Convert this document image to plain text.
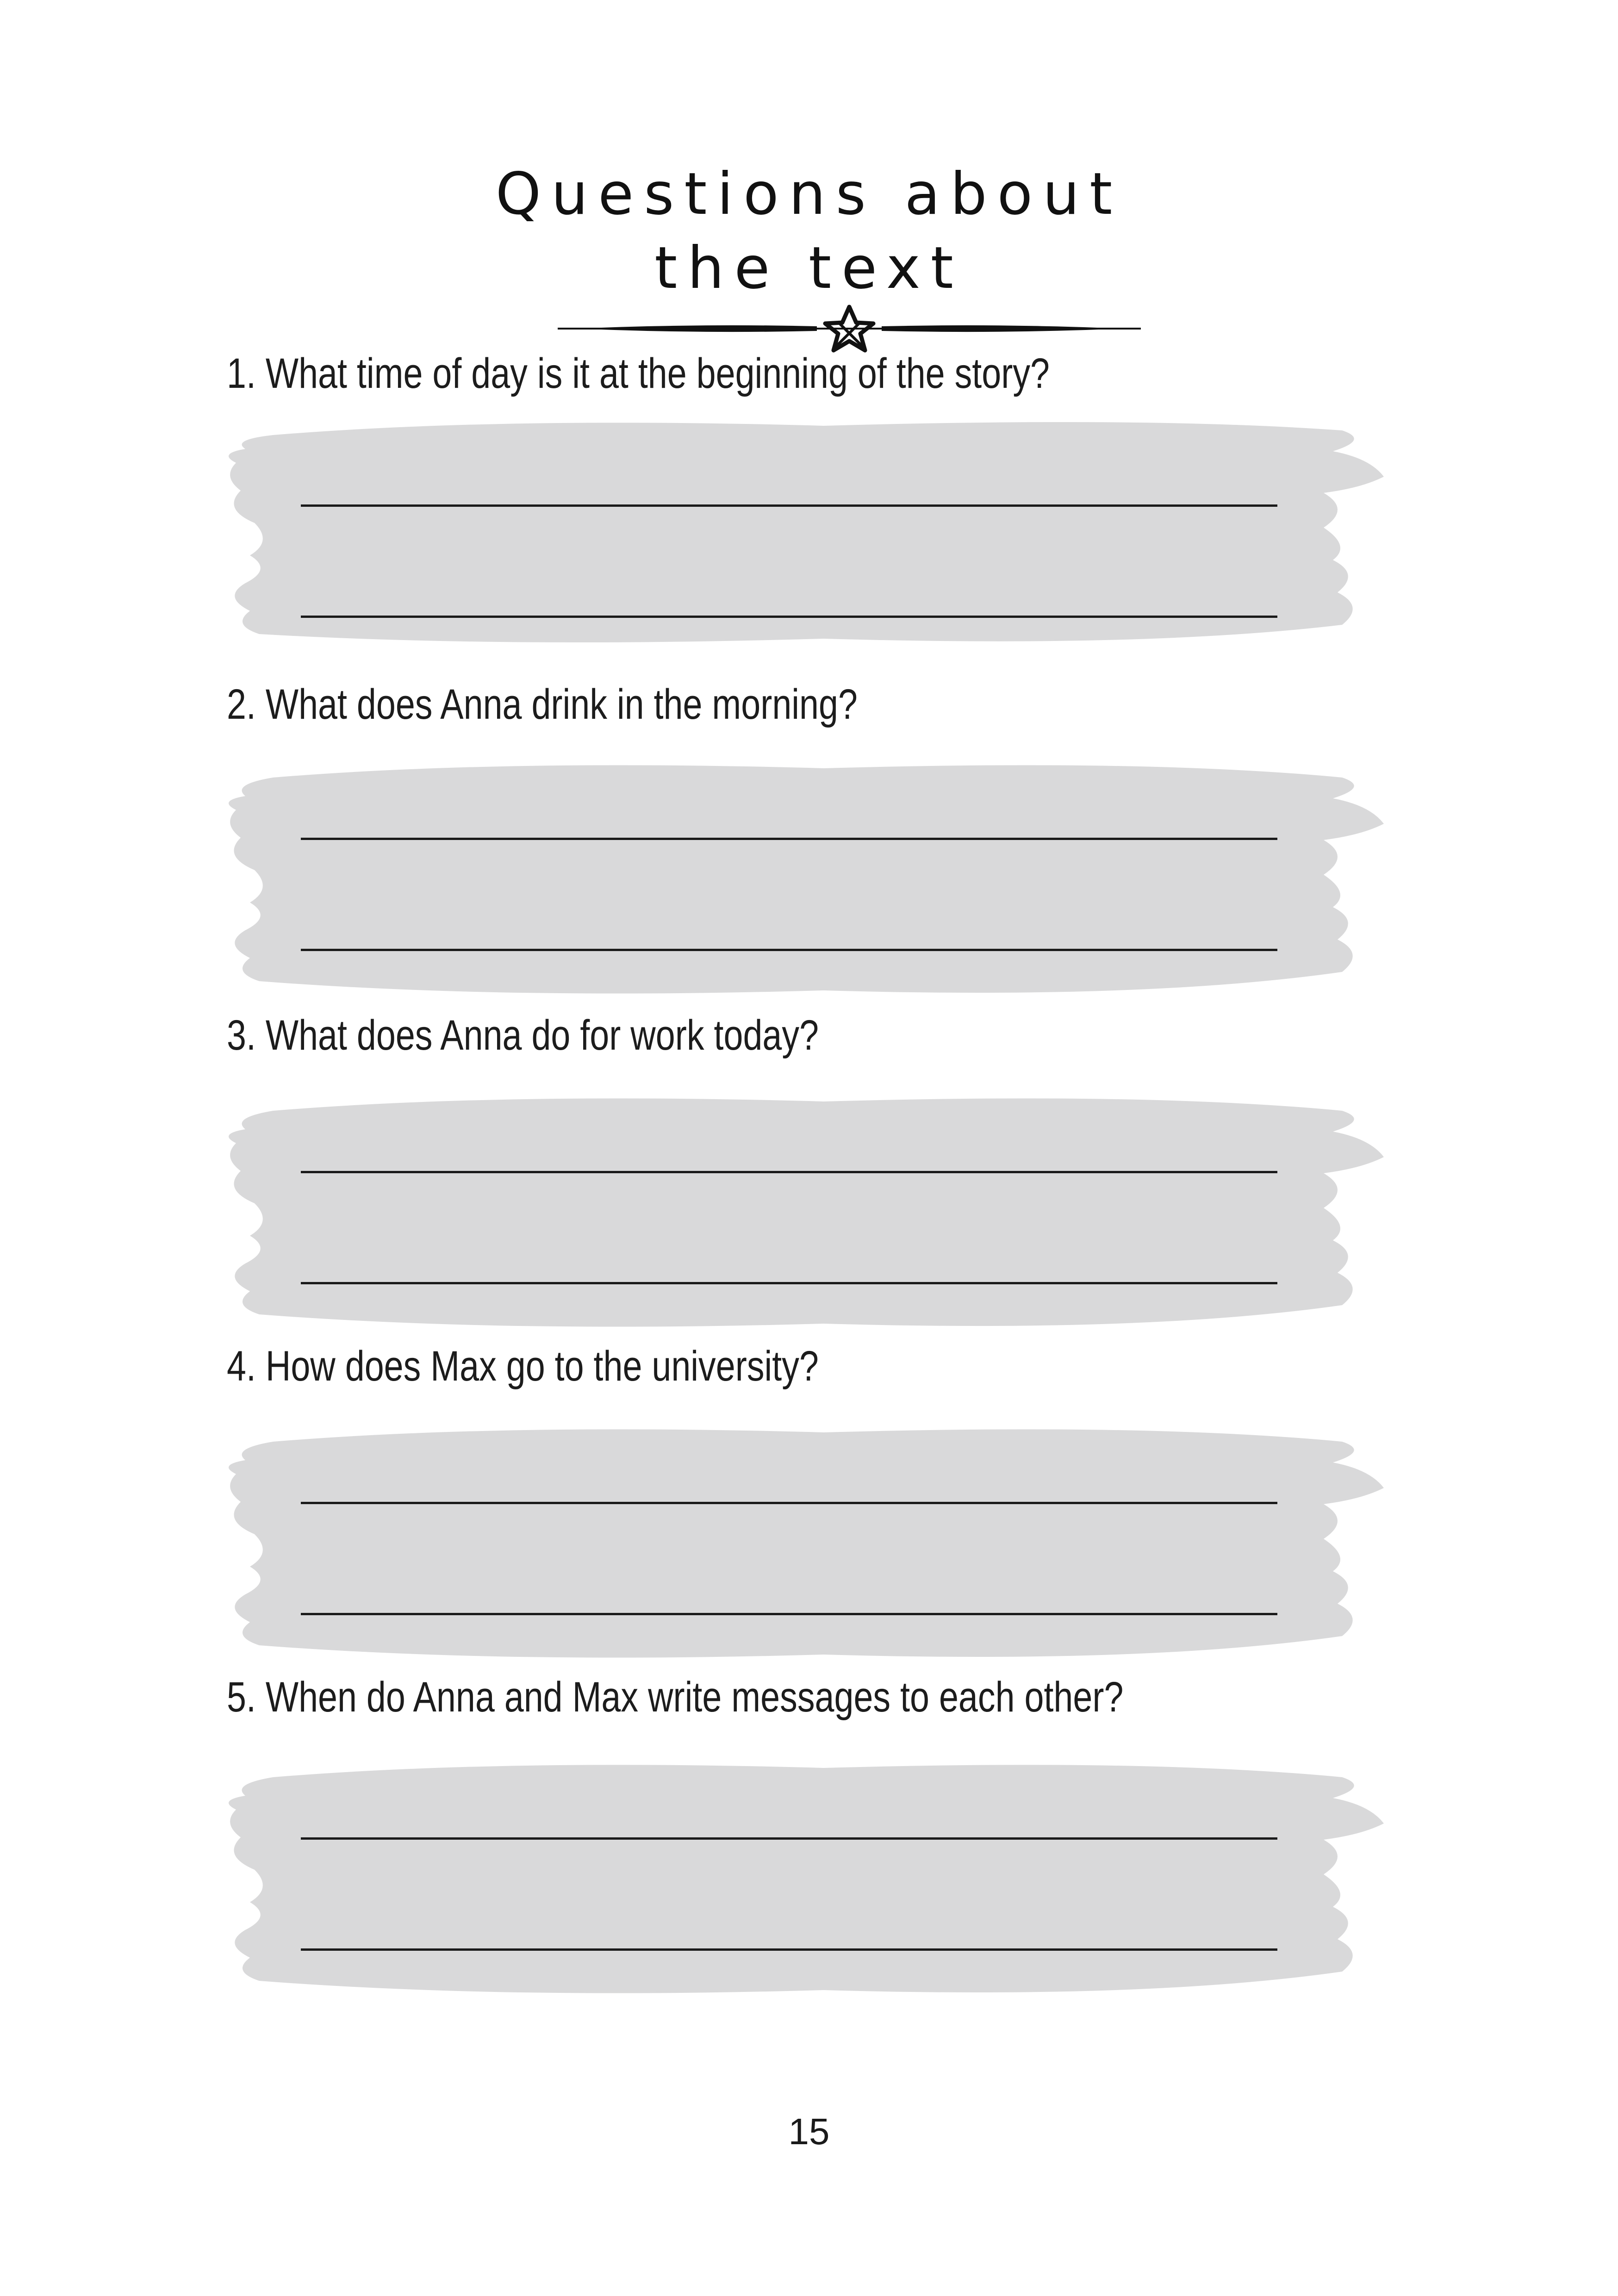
Questions about
the text
1. What time of day is it at the beginning of the story?
2. What does Anna drink in the morning?
3. What does Anna do for work today?
4. How does Max go to the university?
5. When do Anna and Max write messages to each other?
15
